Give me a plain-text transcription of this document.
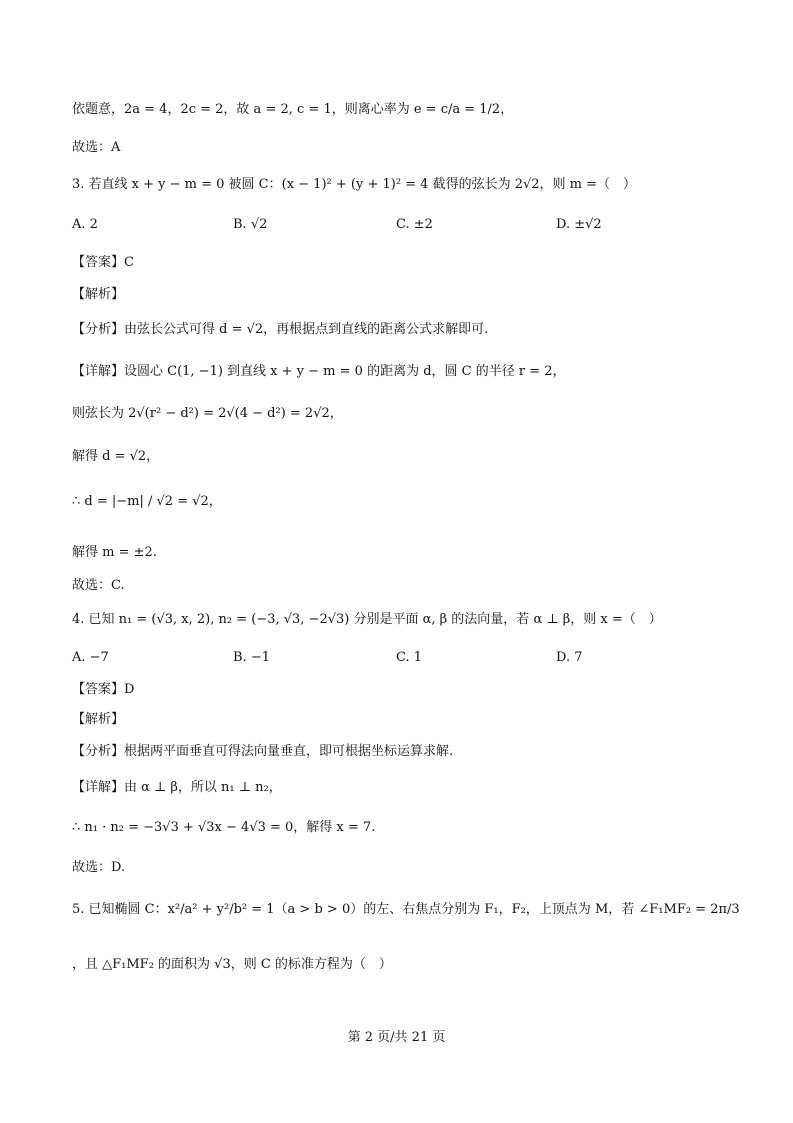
依题意，2a = 4，2c = 2，故 a = 2, c = 1，则离心率为 e = c/a = 1/2，
故选：A
3. 若直线 x + y − m = 0 被圆 C：(x − 1)² + (y + 1)² = 4 截得的弦长为 2√2，则 m =（　）
A. 2	B. √2	C. ±2	D. ±√2
【答案】C
【解析】
【分析】由弦长公式可得 d = √2，再根据点到直线的距离公式求解即可.
【详解】设圆心 C(1, −1) 到直线 x + y − m = 0 的距离为 d，圆 C 的半径 r = 2，
则弦长为 2√(r² − d²) = 2√(4 − d²) = 2√2，
解得 d = √2，
∴ d = |−m| / √2 = √2，
解得 m = ±2.
故选：C.
4. 已知 n₁ = (√3, x, 2), n₂ = (−3, √3, −2√3) 分别是平面 α, β 的法向量，若 α ⊥ β，则 x =（　）
A. −7	B. −1	C. 1	D. 7
【答案】D
【解析】
【分析】根据两平面垂直可得法向量垂直，即可根据坐标运算求解.
【详解】由 α ⊥ β，所以 n₁ ⊥ n₂，
∴ n₁ · n₂ = −3√3 + √3x − 4√3 = 0，解得 x = 7.
故选：D.
5. 已知椭圆 C：x²/a² + y²/b² = 1（a > b > 0）的左、右焦点分别为 F₁，F₂，上顶点为 M，若 ∠F₁MF₂ = 2π/3
，且 △F₁MF₂ 的面积为 √3，则 C 的标准方程为（　）
第 2 页/共 21 页
